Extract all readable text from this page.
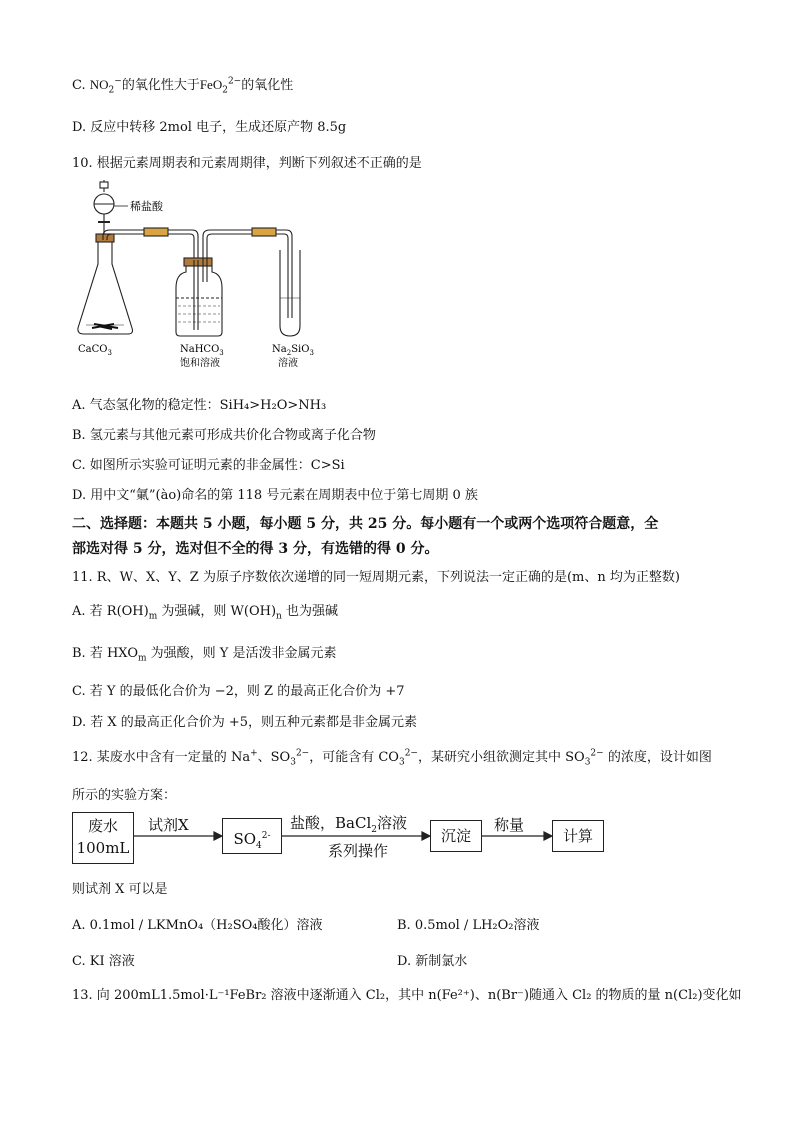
C. $NO_2^-$的氧化性大于FeO$_2^{2-}$的氧化性
D. 反应中转移 2mol 电子，生成还原产物 8.5g
10. 根据元素周期表和元素周期律，判断下列叙述不正确的是
稀盐酸
CaCO$_3$	NaHCO$_3$
饱和溶液
$Na_2SiO_3$
溶液
A. 气态氢化物的稳定性：SiH₄>H₂O>NH₃
B. 氢元素与其他元素可形成共价化合物或离子化合物
C. 如图所示实验可证明元素的非金属性：C>Si
D. 用中文“氭”(ào)命名的第 118 号元素在周期表中位于第七周期 0 族
二、选择题：本题共 5 小题，每小题 5 分，共 25 分。每小题有一个或两个选项符合题意，全
部选对得 5 分，选对但不全的得 3 分，有选错的得 0 分。
11. R、W、X、Y、Z 为原子序数依次递增的同一短周期元素，下列说法一定正确的是(m、n 均为正整数)
A. 若 $R(OH)_m$ 为强碱，则 $W(OH)_n$ 也为强碱
B. 若 $HXO_m$ 为强酸，则 Y 是活泼非金属元素
C. 若 Y 的最低化合价为 −2，则 Z 的最高正化合价为 +7
D. 若 X 的最高正化合价为 +5，则五种元素都是非金属元素
12. 某废水中含有一定量的 Na+、$SO_3^{2-}$，可能含有 $CO_3^{2-}$，某研究小组欲测定其中 $SO_3^{2-}$ 的浓度，设计如图
所示的实验方案：
废水
100mL
试剂X
$SO_4^{2-}$
盐酸，BaCl$_2$溶液
系列操作
沉淀
称量
计算
则试剂 X 可以是
A. 0.1mol / LKMnO₄（H₂SO₄酸化）溶液	B. 0.5mol / LH₂O₂溶液
C. KI 溶液	D. 新制氯水
13. 向 200mL1.5mol·L⁻¹FeBr₂ 溶液中逐渐通入 Cl₂，其中 n(Fe²⁺)、n(Br⁻)随通入 Cl₂ 的物质的量 n(Cl₂)变化如
